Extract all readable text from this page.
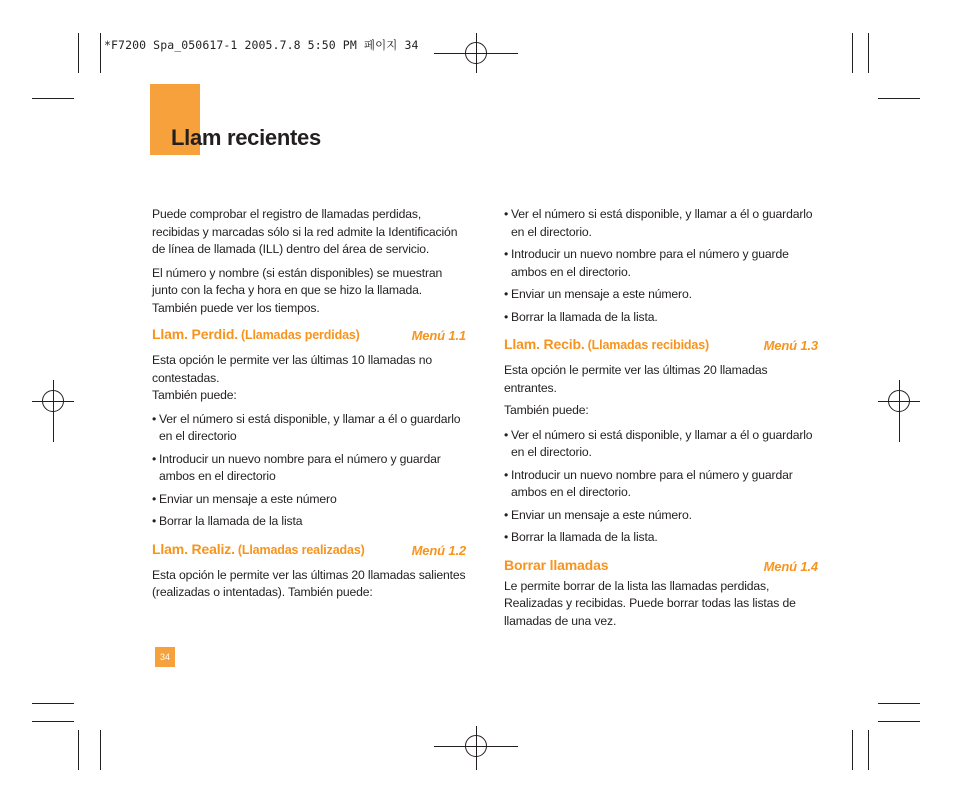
*F7200 Spa_050617-1 2005.7.8 5:50 PM 페이지 34
Llam recientes

Puede comprobar el registro de llamadas perdidas, recibidas y marcadas sólo si la red admite la Identificación de línea de llamada (ILL) dentro del área de servicio.

El número y nombre (si están disponibles) se muestran junto con la fecha y hora en que se hizo la llamada. También puede ver los tiempos.

Llam. Perdid. (Llamadas perdidas)	Menú 1.1

Esta opción le permite ver las últimas 10 llamadas no contestadas.

También puede:

• Ver el número si está disponible, y llamar a él o guardarlo en el directorio

• Introducir un nuevo nombre para el número y guardar ambos en el directorio

• Enviar un mensaje a este número

• Borrar la llamada de la lista

Llam. Realiz. (Llamadas realizadas)	Menú 1.2

Esta opción le permite ver las últimas 20 llamadas salientes (realizadas o intentadas). También puede:

• Ver el número si está disponible, y llamar a él o guardarlo en el directorio.

• Introducir un nuevo nombre para el número y guarde ambos en el directorio.

• Enviar un mensaje a este número.

• Borrar la llamada de la lista.

Llam. Recib. (Llamadas recibidas)	Menú 1.3

Esta opción le permite ver las últimas 20 llamadas entrantes.

También puede:

• Ver el número si está disponible, y llamar a él o guardarlo en el directorio.

• Introducir un nuevo nombre para el número y guardar ambos en el directorio.

• Enviar un mensaje a este número.

• Borrar la llamada de la lista.

Borrar llamadas	Menú 1.4

Le permite borrar de la lista las llamadas perdidas, Realizadas y recibidas. Puede borrar todas las listas de llamadas de una vez.

34
